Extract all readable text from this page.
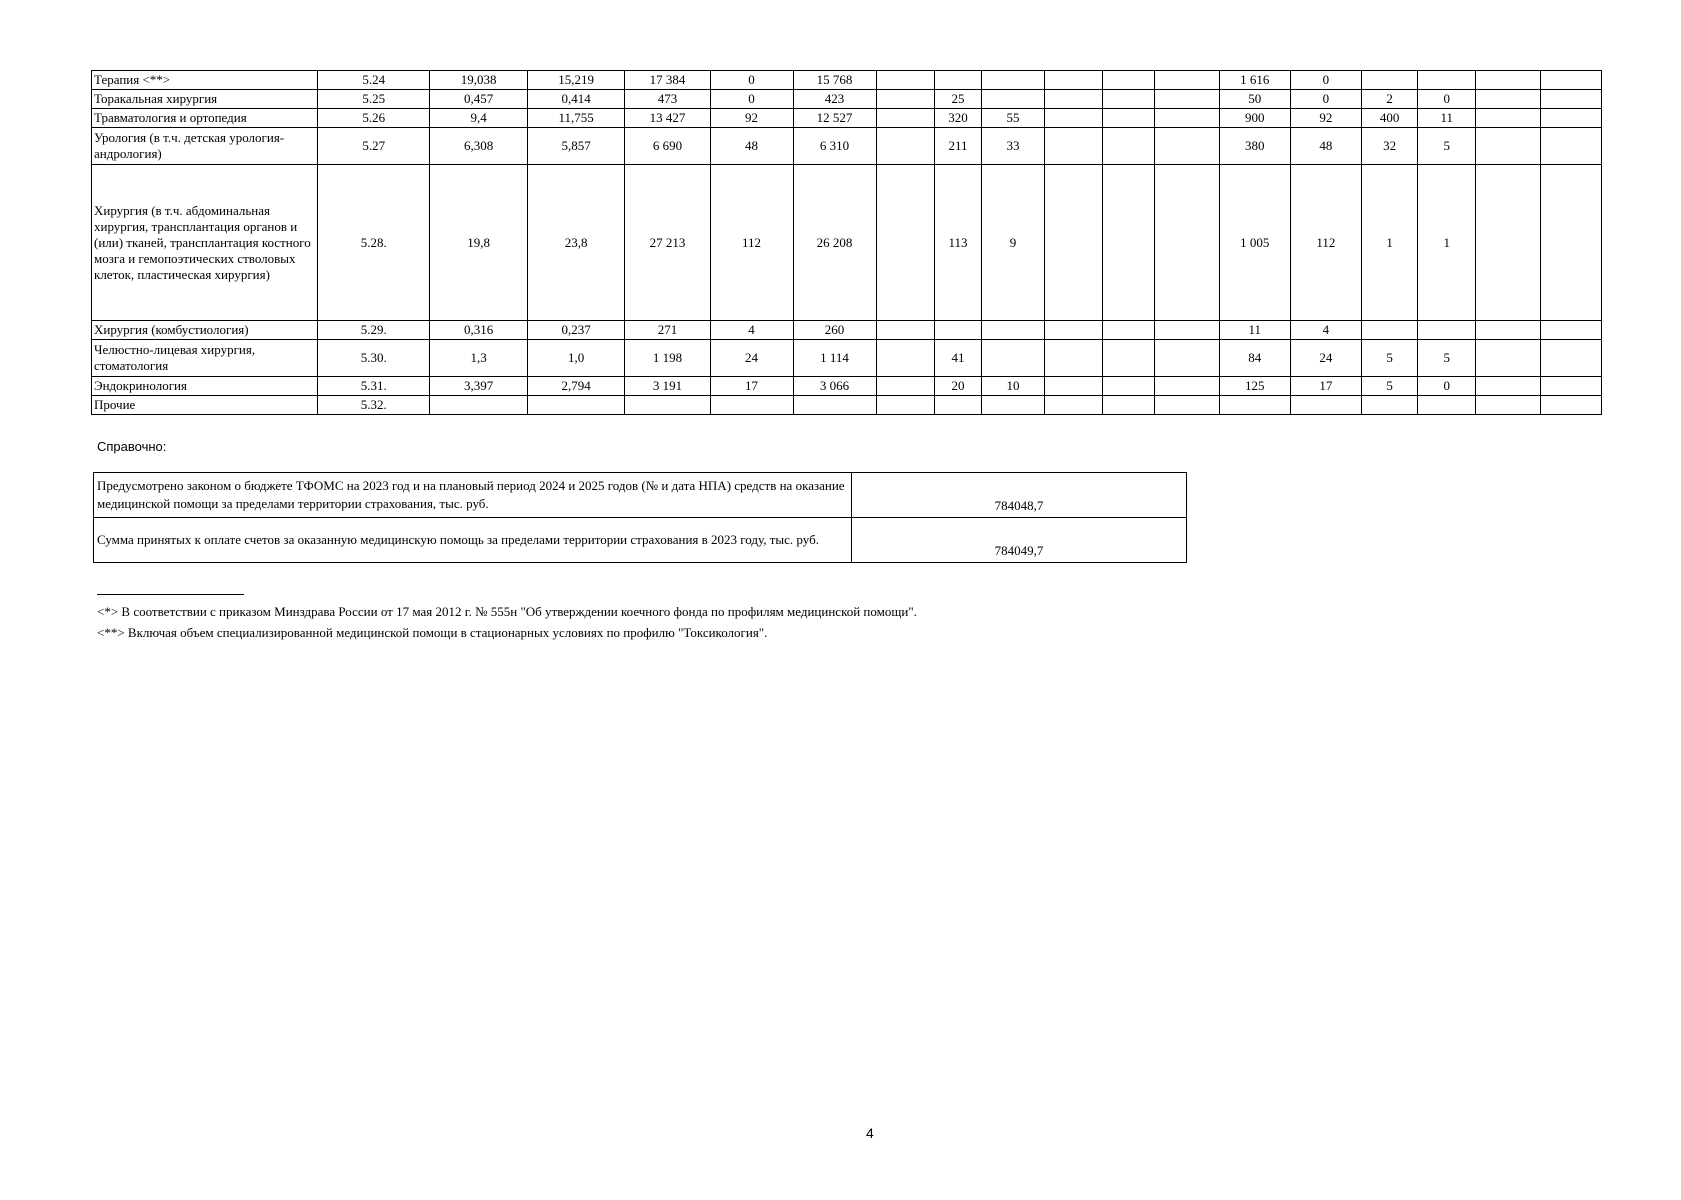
Терапия <**>	5.24	19,038	15,219	17 384	0	15 768							1 616	0				
Торакальная хирургия	5.25	0,457	0,414	473	0	423		25					50	0	2	0		
Травматология и ортопедия	5.26	9,4	11,755	13 427	92	12 527		320	55				900	92	400	11		
Урология (в т.ч. детская урология-андрология)	5.27	6,308	5,857	6 690	48	6 310		211	33				380	48	32	5		
Хирургия (в т.ч. абдоминальная хирургия, трансплантация органов и (или) тканей, трансплантация костного мозга и гемопоэтических стволовых клеток, пластическая хирургия)	5.28.	19,8	23,8	27 213	112	26 208		113	9				1 005	112	1	1		
Хирургия (комбустиология)	5.29.	0,316	0,237	271	4	260							11	4				
Челюстно-лицевая хирургия, стоматология	5.30.	1,3	1,0	1 198	24	1 114		41					84	24	5	5		
Эндокринология	5.31.	3,397	2,794	3 191	17	3 066		20	10				125	17	5	0		
Прочие	5.32.																	
Справочно:
Предусмотрено законом о бюджете ТФОМС на 2023 год и на плановый период 2024 и 2025 годов (№ и дата НПА) средств на оказание медицинской помощи за пределами территории страхования, тыс. руб.	784048,7
Сумма принятых к оплате счетов за оказанную медицинскую помощь за пределами территории страхования в 2023 году, тыс. руб.	784049,7
<*> В соответствии с приказом Минздрава России от 17 мая 2012 г. № 555н "Об утверждении коечного фонда по профилям медицинской помощи".
<**> Включая объем специализированной медицинской помощи в стационарных условиях по профилю "Токсикология".
4
